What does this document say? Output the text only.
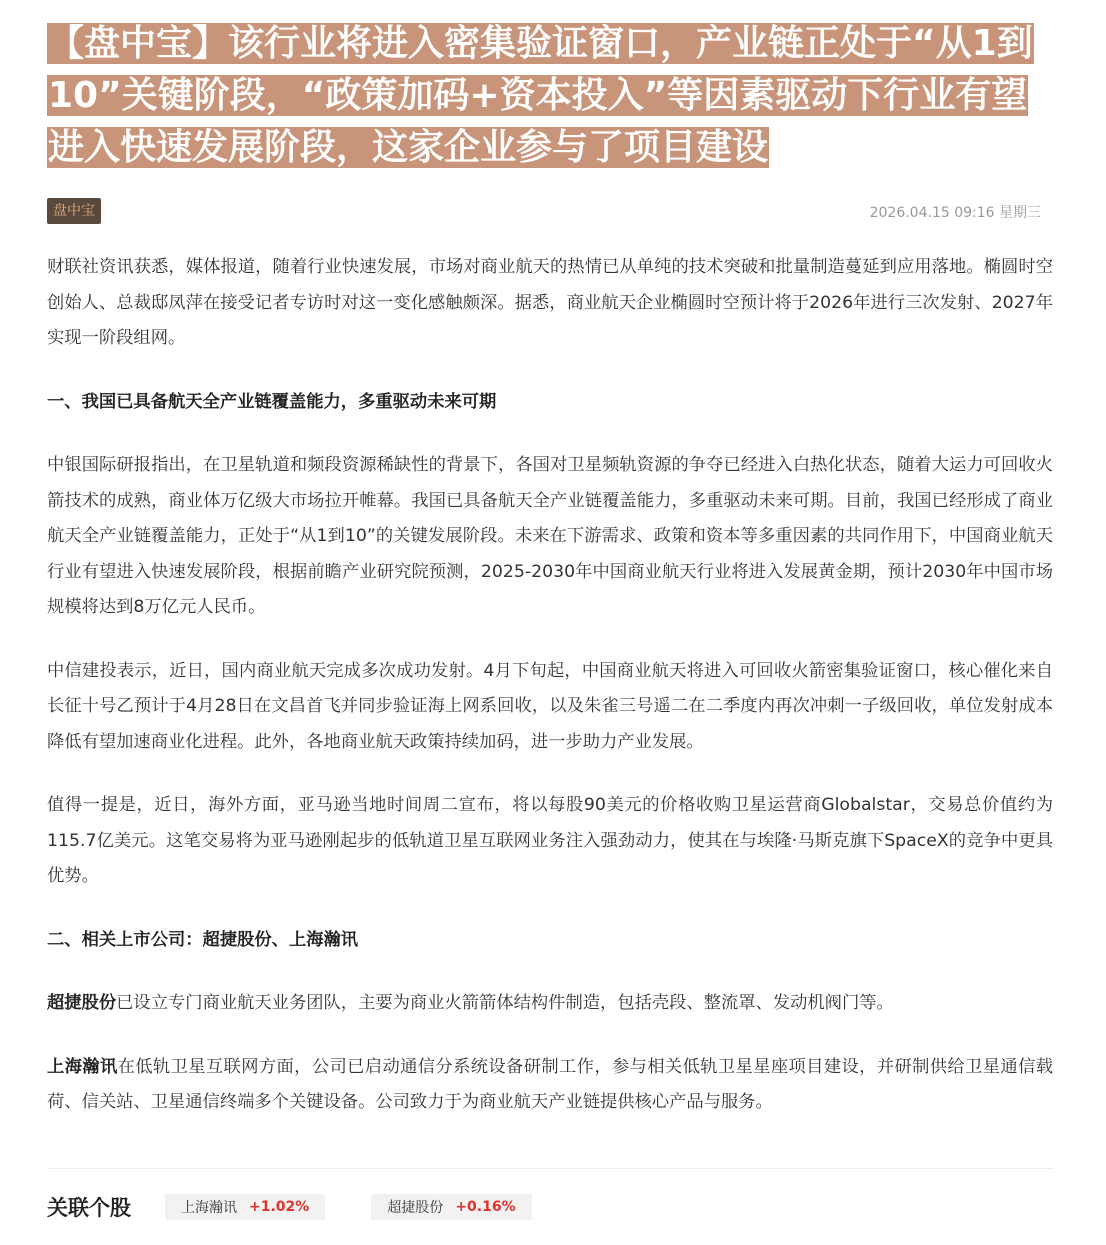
【盘中宝】该行业将进入密集验证窗口，产业链正处于“从1到10”关键阶段，“政策加码+资本投入”等因素驱动下行业有望进入快速发展阶段，这家企业参与了项目建设
盘中宝	2026.04.15 09:16 星期三

财联社资讯获悉，媒体报道，随着行业快速发展，市场对商业航天的热情已从单纯的技术突破和批量制造蔓延到应用落地。椭圆时空创始人、总裁邸凤萍在接受记者专访时对这一变化感触颇深。据悉，商业航天企业椭圆时空预计将于2026年进行三次发射、2027年实现一阶段组网。

一、我国已具备航天全产业链覆盖能力，多重驱动未来可期

中银国际研报指出，在卫星轨道和频段资源稀缺性的背景下，各国对卫星频轨资源的争夺已经进入白热化状态，随着大运力可回收火箭技术的成熟，商业体万亿级大市场拉开帷幕。我国已具备航天全产业链覆盖能力，多重驱动未来可期。目前，我国已经形成了商业航天全产业链覆盖能力，正处于“从1到10”的关键发展阶段。未来在下游需求、政策和资本等多重因素的共同作用下，中国商业航天行业有望进入快速发展阶段，根据前瞻产业研究院预测，2025-2030年中国商业航天行业将进入发展黄金期，预计2030年中国市场规模将达到8万亿元人民币。

中信建投表示，近日，国内商业航天完成多次成功发射。4月下旬起，中国商业航天将进入可回收火箭密集验证窗口，核心催化来自长征十号乙预计于4月28日在文昌首飞并同步验证海上网系回收，以及朱雀三号遥二在二季度内再次冲刺一子级回收，单位发射成本降低有望加速商业化进程。此外，各地商业航天政策持续加码，进一步助力产业发展。

值得一提是，近日，海外方面，亚马逊当地时间周二宣布，将以每股90美元的价格收购卫星运营商Globalstar，交易总价值约为115.7亿美元。这笔交易将为亚马逊刚起步的低轨道卫星互联网业务注入强劲动力，使其在与埃隆·马斯克旗下SpaceX的竞争中更具优势。

二、相关上市公司：超捷股份、上海瀚讯

超捷股份已设立专门商业航天业务团队，主要为商业火箭箭体结构件制造，包括壳段、整流罩、发动机阀门等。

上海瀚讯在低轨卫星互联网方面，公司已启动通信分系统设备研制工作，参与相关低轨卫星星座项目建设，并研制供给卫星通信载荷、信关站、卫星通信终端多个关键设备。公司致力于为商业航天产业链提供核心产品与服务。

关联个股	上海瀚讯 +1.02%	超捷股份 +0.16%
